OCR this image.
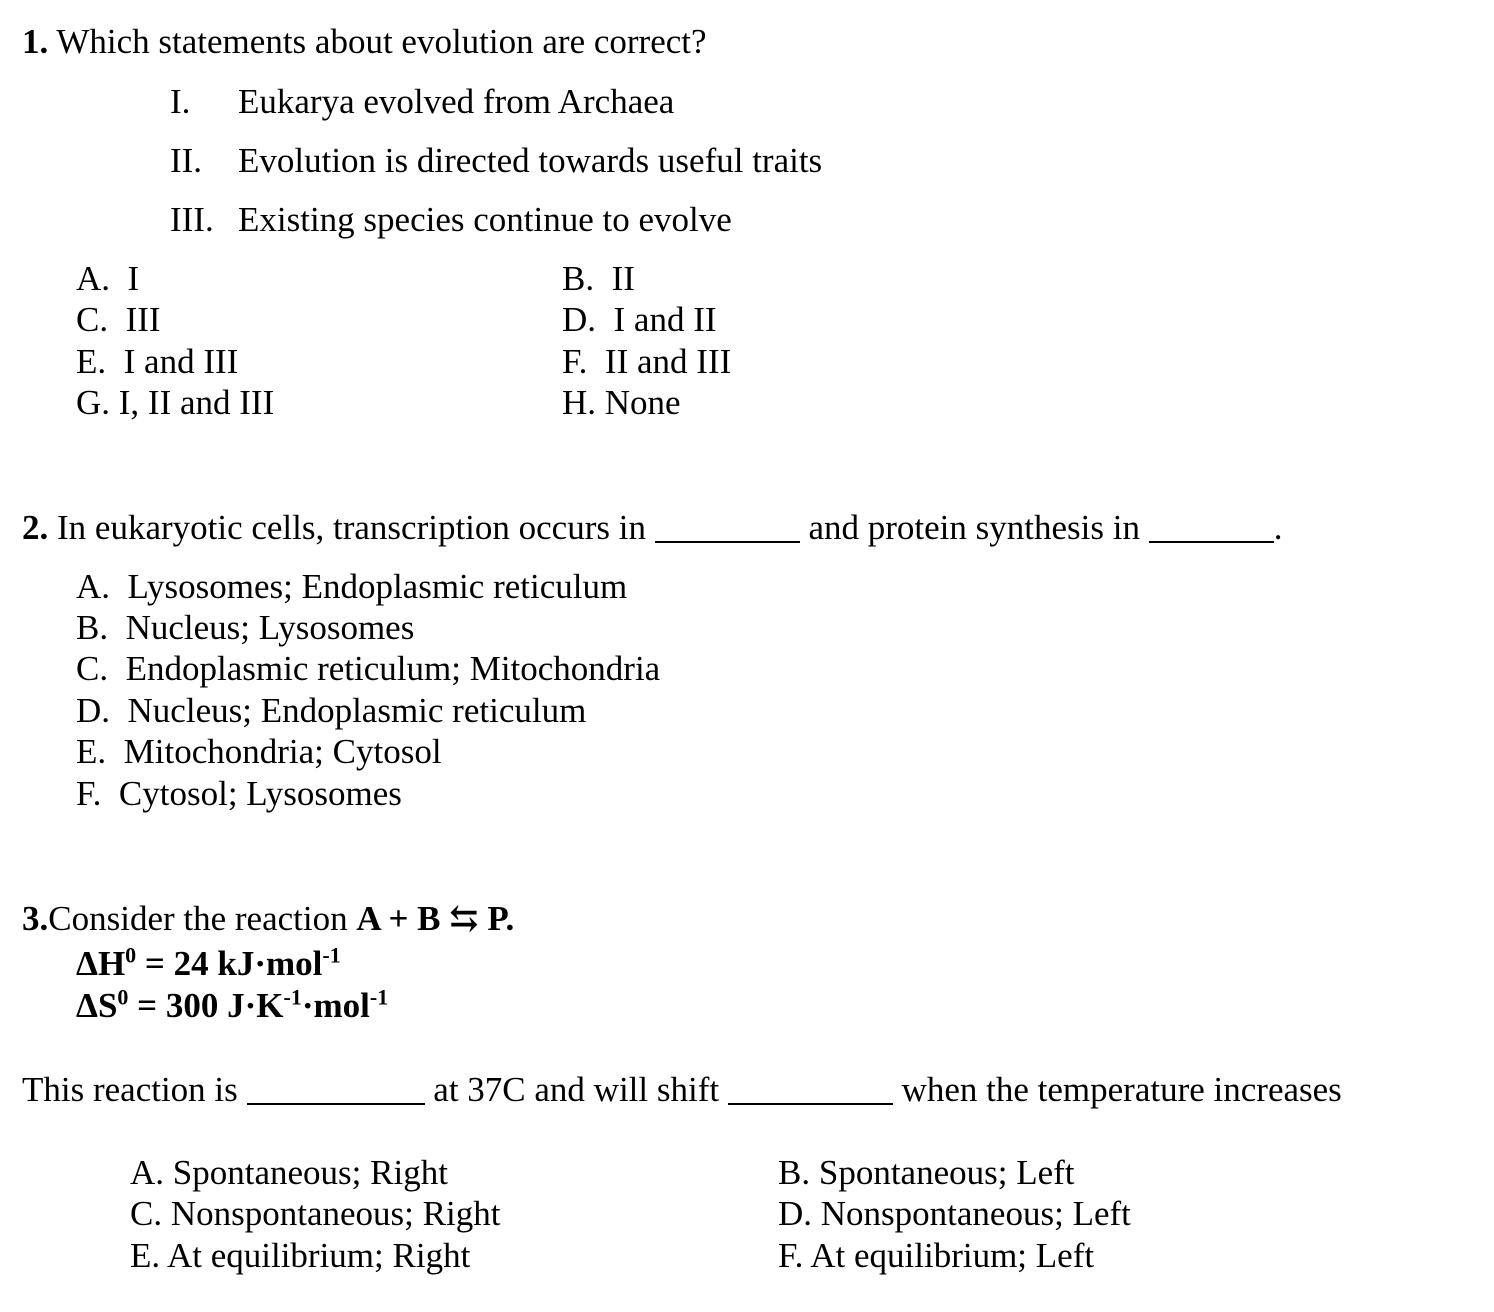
1. Which statements about evolution are correct?
I. Eukarya evolved from Archaea
II. Evolution is directed towards useful traits
III. Existing species continue to evolve
A. I	B. II
C. III	D. I and II
E. I and III	F. II and III
G. I, II and III	H. None
2. In eukaryotic cells, transcription occurs in	and protein synthesis in	.
A. Lysosomes; Endoplasmic reticulum
B. Nucleus; Lysosomes
C. Endoplasmic reticulum; Mitochondria
D. Nucleus; Endoplasmic reticulum
E. Mitochondria; Cytosol
F. Cytosol; Lysosomes
3.Consider the reaction A + B ⇆ P.
$\Delta H^0 = 24$ kJ·mol$^{-1}$
$\Delta S^0 = 300$ $J\cdot K^{-1}\cdot mol^{-1}$
This reaction is	at 37C and will shift	when the temperature increases
A. Spontaneous; Right	B. Spontaneous; Left
C. Nonspontaneous; Right	D. Nonspontaneous; Left
E. At equilibrium; Right	F. At equilibrium; Left
